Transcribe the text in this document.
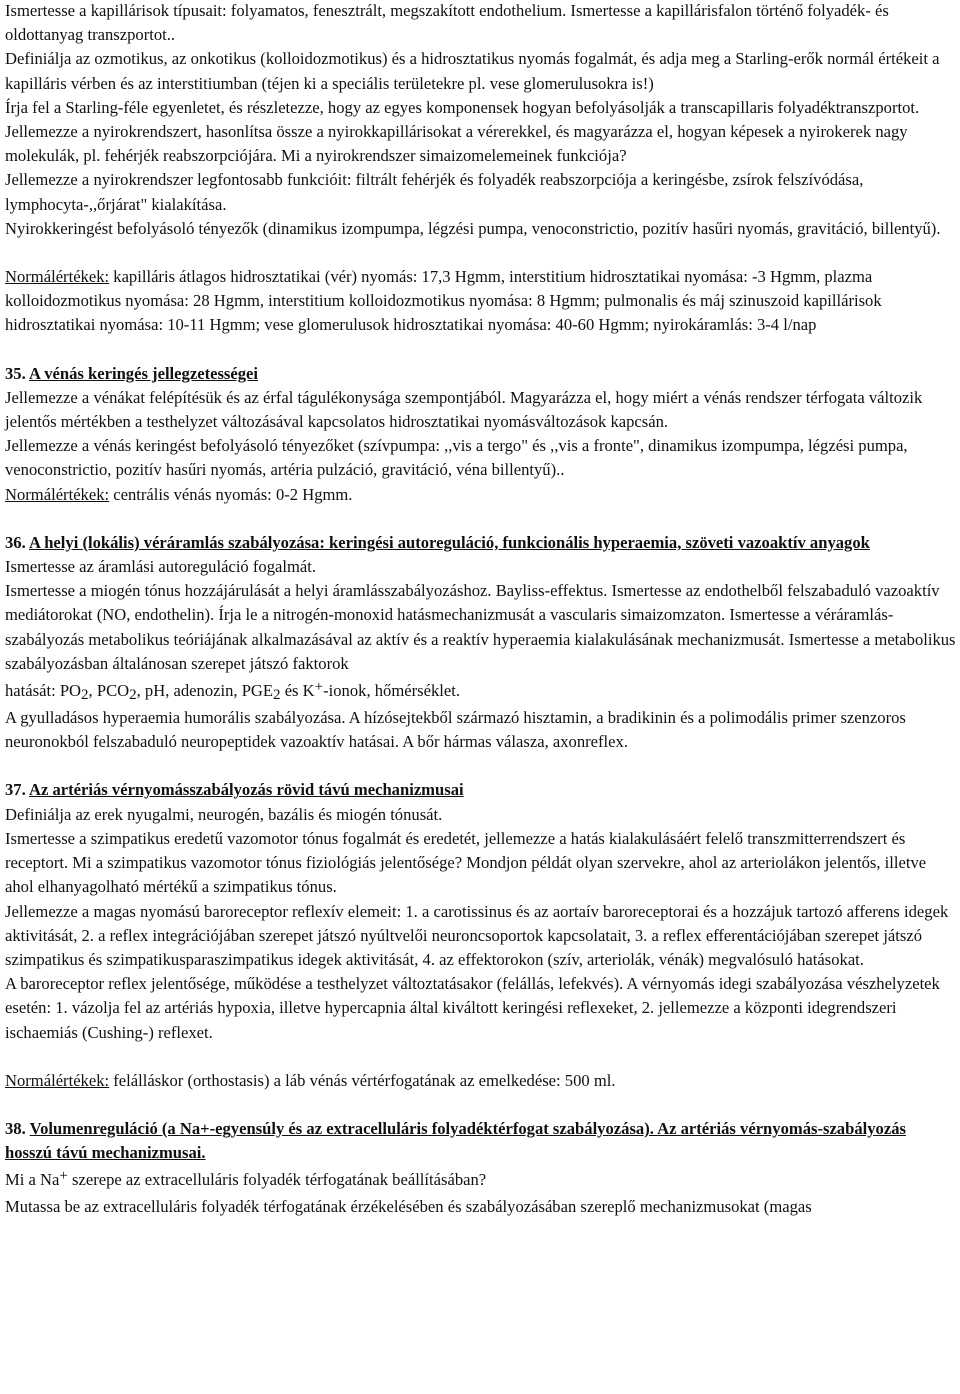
Ismertesse a kapillárisok típusait: folyamatos, fenesztrált, megszakított endothelium. Ismertesse a kapillárisfalon történő folyadék- és oldottanyag transzportot..

Definiálja az ozmotikus, az onkotikus (kolloidozmotikus) és a hidrosztatikus nyomás fogalmát, és adja meg a Starling-erők normál értékeit a kapilláris vérben és az interstitiumban (téjen ki a speciális területekre pl. vese glomerulusokra is!)

Írja fel a Starling-féle egyenletet, és részletezze, hogy az egyes komponensek hogyan befolyásolják a transcapillaris folyadéktranszportot.

Jellemezze a nyirokrendszert, hasonlítsa össze a nyirokkapillárisokat a vérerekkel, és magyarázza el, hogyan képesek a nyirokerek nagy molekulák, pl. fehérjék reabszorpciójára. Mi a nyirokrendszer simaizomelemeinek funkciója?

Jellemezze a nyirokrendszer legfontosabb funkcióit: filtrált fehérjék és folyadék reabszorpciója a keringésbe, zsírok felszívódása, lymphocyta-,,őrjárat" kialakítása.

Nyirokkeringést befolyásoló tényezők (dinamikus izompumpa, légzési pumpa, venoconstrictio, pozitív hasűri nyomás, gravitáció, billentyű).

Normálértékek: kapilláris átlagos hidrosztatikai (vér) nyomás: 17,3 Hgmm, interstitium hidrosztatikai nyomása: -3 Hgmm, plazma kolloidozmotikus nyomása: 28 Hgmm, interstitium kolloidozmotikus nyomása: 8 Hgmm; pulmonalis és máj szinuszoid kapillárisok hidrosztatikai nyomása: 10-11 Hgmm; vese glomerulusok hidrosztatikai nyomása: 40-60 Hgmm; nyirokáramlás: 3-4 l/nap

35. A vénás keringés jellegzetességei

Jellemezze a vénákat felépítésük és az érfal tágulékonysága szempontjából. Magyarázza el, hogy miért a vénás rendszer térfogata változik jelentős mértékben a testhelyzet változásával kapcsolatos hidrosztatikai nyomásváltozások kapcsán.

Jellemezze a vénás keringést befolyásoló tényezőket (szívpumpa: ,,vis a tergo" és ,,vis a fronte", dinamikus izompumpa, légzési pumpa, venoconstrictio, pozitív hasűri nyomás, artéria pulzáció, gravitáció, véna billentyű)..

Normálértékek: centrális vénás nyomás: 0-2 Hgmm.

36. A helyi (lokális) véráramlás szabályozása: keringési autoreguláció, funkcionális hyperaemia, szöveti vazoaktív anyagok

Ismertesse az áramlási autoreguláció fogalmát.

Ismertesse a miogén tónus hozzájárulását a helyi áramlásszabályozáshoz. Bayliss-effektus. Ismertesse az endothelből felszabaduló vazoaktív mediátorokat (NO, endothelin). Írja le a nitrogén-monoxid hatásmechanizmusát a vascularis simaizomzaton. Ismertesse a véráramlás-szabályozás metabolikus teóriájának alkalmazásával az aktív és a reaktív hyperaemia kialakulásának mechanizmusát. Ismertesse a metabolikus szabályozásban általánosan szerepet játszó faktorok

hatását: $PO_2$, $PCO_2$, pH, adenozin, $PGE_2$ és K+-ionok, hőmérséklet.

A gyulladásos hyperaemia humorális szabályozása. A hízósejtekből származó hisztamin, a bradikinin és a polimodális primer szenzoros neuronokból felszabaduló neuropeptidek vazoaktív hatásai. A bőr hármas válasza, axonreflex.

37. Az artériás vérnyomásszabályozás rövid távú mechanizmusai

Definiálja az erek nyugalmi, neurogén, bazális és miogén tónusát.

Ismertesse a szimpatikus eredetű vazomotor tónus fogalmát és eredetét, jellemezze a hatás kialakulásáért felelő transzmitterrendszert és receptort. Mi a szimpatikus vazomotor tónus fiziológiás jelentősége? Mondjon példát olyan szervekre, ahol az arteriolákon jelentős, illetve ahol elhanyagolható mértékű a szimpatikus tónus.

Jellemezze a magas nyomású baroreceptor reflexív elemeit: 1. a carotissinus és az aortaív baroreceptorai és a hozzájuk tartozó afferens idegek aktivitását, 2. a reflex integrációjában szerepet játszó nyúltvelői neuroncsoportok kapcsolatait, 3. a reflex efferentációjában szerepet játszó szimpatikus és szimpatikusparaszimpatikus idegek aktivitását, 4. az effektorokon (szív, arteriolák, vénák) megvalósuló hatásokat.

A baroreceptor reflex jelentősége, működése a testhelyzet változtatásakor (felállás, lefekvés). A vérnyomás idegi szabályozása vészhelyzetek esetén: 1. vázolja fel az artériás hypoxia, illetve hypercapnia által kiváltott keringési reflexeket, 2. jellemezze a központi idegrendszeri ischaemiás (Cushing-) reflexet.

Normálértékek: felálláskor (orthostasis) a láb vénás vértérfogatának az emelkedése: 500 ml.

38. Volumenreguláció (a Na+-egyensúly és az extracelluláris folyadéktérfogat szabályozása). Az artériás vérnyomás-szabályozás hosszú távú mechanizmusai.

Mi a Na+ szerepe az extracelluláris folyadék térfogatának beállításában?

Mutassa be az extracelluláris folyadék térfogatának érzékelésében és szabályozásában szereplő mechanizmusokat (magas
